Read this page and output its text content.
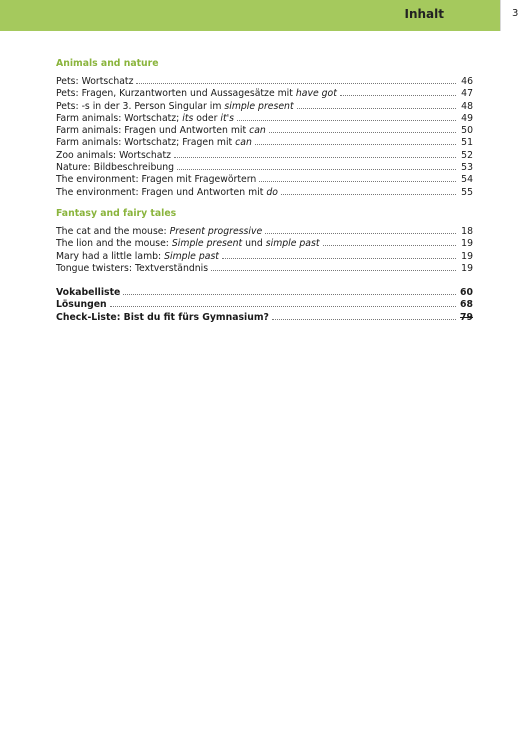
Inhalt	3
Animals and nature
Pets: Wortschatz	46
Pets: Fragen, Kurzantworten und Aussagesätze mit have got	47
Pets: -s in der 3. Person Singular im simple present	48
Farm animals: Wortschatz; its oder it's	49
Farm animals: Fragen und Antworten mit can	50
Farm animals: Wortschatz; Fragen mit can	51
Zoo animals: Wortschatz	52
Nature: Bildbeschreibung	53
The environment: Fragen mit Fragewörtern	54
The environment: Fragen und Antworten mit do	55
Fantasy and fairy tales
The cat and the mouse: Present progressive	18
The lion and the mouse: Simple present und simple past	19
Mary had a little lamb: Simple past	19
Tongue twisters: Textverständnis	19
Vokabelliste	60
Lösungen	68
Check-Liste: Bist du fit fürs Gymnasium?	79
